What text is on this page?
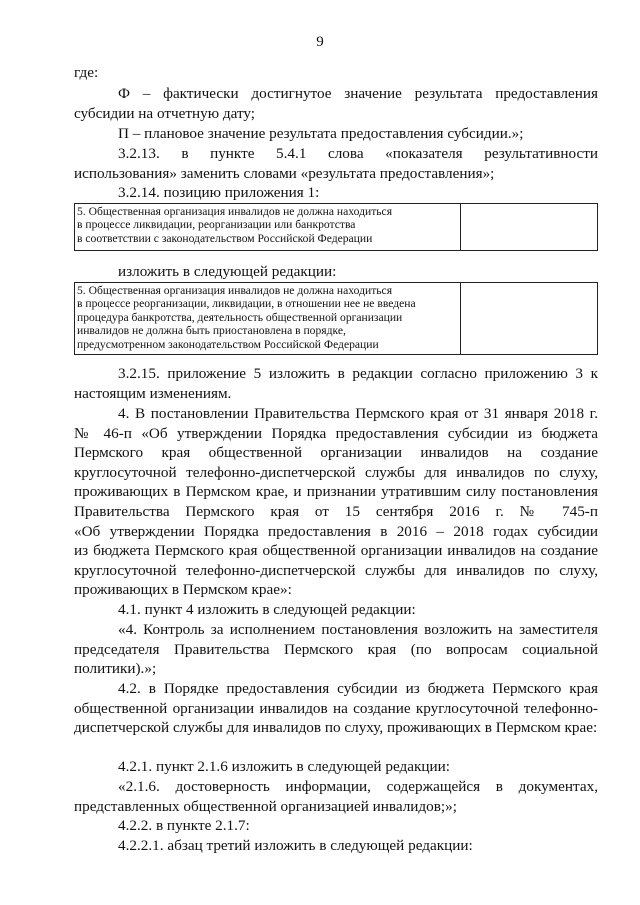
9

где:

Ф – фактически достигнутое значение результата предоставления субсидии на отчетную дату;

П – плановое значение результата предоставления субсидии.»;

3.2.13. в пункте 5.4.1 слова «показателя результативности использования» заменить словами «результата предоставления»;

3.2.14. позицию приложения 1:

5. Общественная организация инвалидов не должна находиться
в процессе ликвидации, реорганизации или банкротства
в соответствии с законодательством Российской Федерации

изложить в следующей редакции:

5. Общественная организация инвалидов не должна находиться
в процессе реорганизации, ликвидации, в отношении нее не введена
процедура банкротства, деятельность общественной организации
инвалидов не должна быть приостановлена в порядке,
предусмотренном законодательством Российской Федерации

3.2.15. приложение 5 изложить в редакции согласно приложению 3 к настоящим изменениям.

4. В постановлении Правительства Пермского края от 31 января 2018 г.
№ 46-п «Об утверждении Порядка предоставления субсидии из бюджета
Пермского края общественной организации инвалидов на создание
круглосуточной телефонно-диспетчерской службы для инвалидов по слуху,
проживающих в Пермском крае, и признании утратившим силу постановления
Правительства Пермского края от 15 сентября 2016 г. № 745-п
«Об утверждении Порядка предоставления в 2016 – 2018 годах субсидии
из бюджета Пермского края общественной организации инвалидов на создание
круглосуточной телефонно-диспетчерской службы для инвалидов по слуху,
проживающих в Пермском крае»:

4.1. пункт 4 изложить в следующей редакции:

«4. Контроль за исполнением постановления возложить на заместителя председателя Правительства Пермского края (по вопросам социальной политики).»;

4.2. в Порядке предоставления субсидии из бюджета Пермского края общественной организации инвалидов на создание круглосуточной телефонно-диспетчерской службы для инвалидов по слуху, проживающих в Пермском крае:

4.2.1. пункт 2.1.6 изложить в следующей редакции:

«2.1.6. достоверность информации, содержащейся в документах, представленных общественной организацией инвалидов;»;

4.2.2. в пункте 2.1.7:

4.2.2.1. абзац третий изложить в следующей редакции:
